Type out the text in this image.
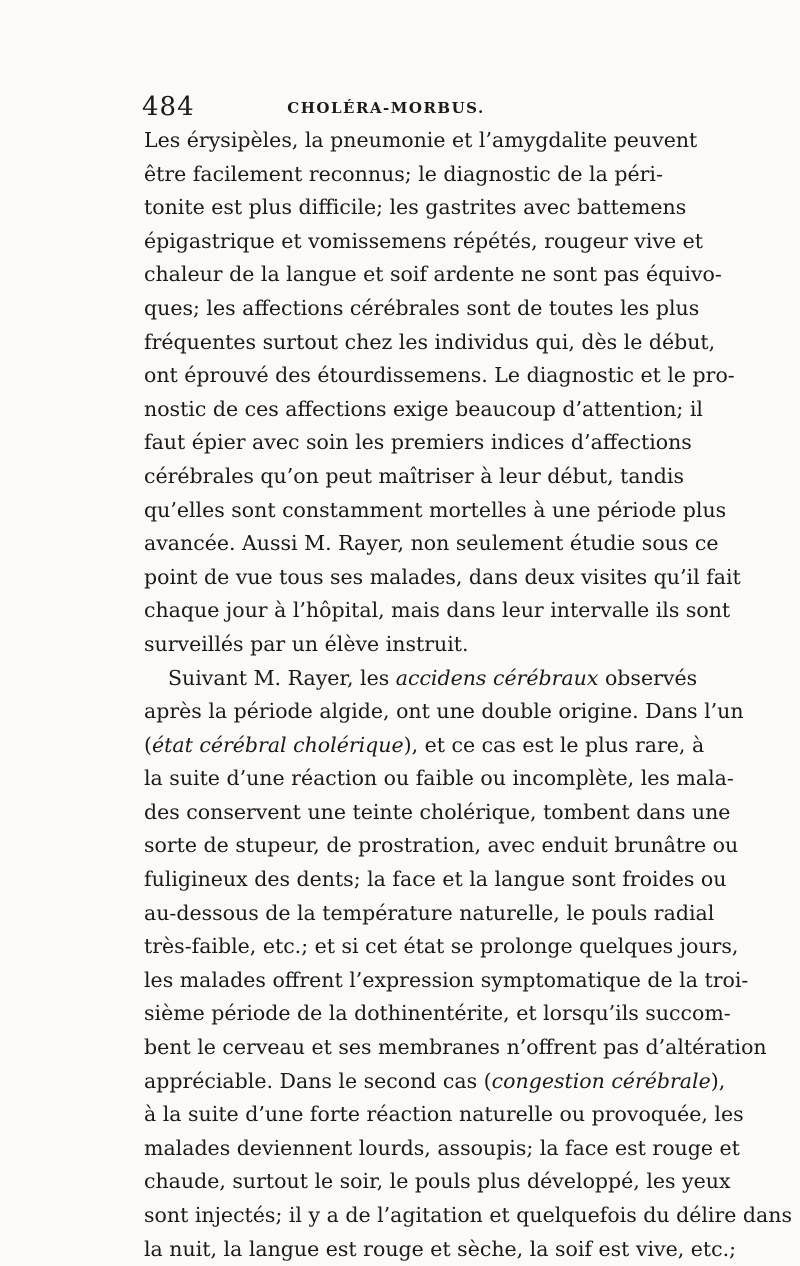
484	CHOLÉRA-MORBUS.
Les érysipèles, la pneumonie et l’amygdalite peuvent
être facilement reconnus; le diagnostic de la péri-
tonite est plus difficile; les gastrites avec battemens
épigastrique et vomissemens répétés, rougeur vive et
chaleur de la langue et soif ardente ne sont pas équivo-
ques; les affections cérébrales sont de toutes les plus
fréquentes surtout chez les individus qui, dès le début,
ont éprouvé des étourdissemens. Le diagnostic et le pro-
nostic de ces affections exige beaucoup d’attention; il
faut épier avec soin les premiers indices d’affections
cérébrales qu’on peut maîtriser à leur début, tandis
qu’elles sont constamment mortelles à une période plus
avancée. Aussi M. Rayer, non seulement étudie sous ce
point de vue tous ses malades, dans deux visites qu’il fait
chaque jour à l’hôpital, mais dans leur intervalle ils sont
surveillés par un élève instruit.
Suivant M. Rayer, les accidens cérébraux observés
après la période algide, ont une double origine. Dans l’un
(état cérébral cholérique), et ce cas est le plus rare, à
la suite d’une réaction ou faible ou incomplète, les mala-
des conservent une teinte cholérique, tombent dans une
sorte de stupeur, de prostration, avec enduit brunâtre ou
fuligineux des dents; la face et la langue sont froides ou
au-dessous de la température naturelle, le pouls radial
très-faible, etc.; et si cet état se prolonge quelques jours,
les malades offrent l’expression symptomatique de la troi-
sième période de la dothinentérite, et lorsqu’ils succom-
bent le cerveau et ses membranes n’offrent pas d’altération
appréciable. Dans le second cas (congestion cérébrale),
à la suite d’une forte réaction naturelle ou provoquée, les
malades deviennent lourds, assoupis; la face est rouge et
chaude, surtout le soir, le pouls plus développé, les yeux
sont injectés; il y a de l’agitation et quelquefois du délire dans
la nuit, la langue est rouge et sèche, la soif est vive, etc.;
